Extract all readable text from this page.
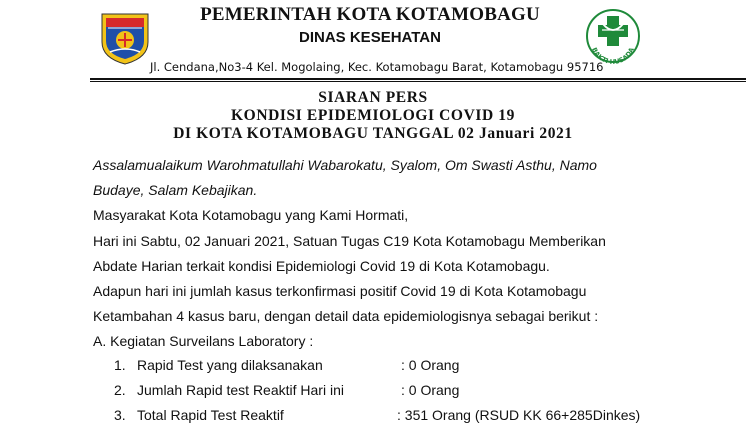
PEMERINTAH KOTA KOTAMOBAGU
DINAS KESEHATAN
Jl. Cendana,No3-4 Kel. Mogolaing, Kec. Kotamobagu Barat, Kotamobagu 95716
BAKTI HUSADA
SIARAN PERS
KONDISI EPIDEMIOLOGI COVID 19
DI KOTA KOTAMOBAGU TANGGAL 02 Januari 2021
Assalamualaikum Warohmatullahi Wabarokatu, Syalom, Om Swasti Asthu, Namo
Budaye, Salam Kebajikan.
Masyarakat Kota Kotamobagu yang Kami Hormati,
Hari ini Sabtu, 02 Januari 2021, Satuan Tugas C19 Kota Kotamobagu Memberikan
Abdate Harian terkait kondisi Epidemiologi Covid 19 di Kota Kotamobagu.
Adapun hari ini jumlah kasus terkonfirmasi positif Covid 19 di Kota Kotamobagu
Ketambahan 4 kasus baru, dengan detail data epidemiologisnya sebagai berikut :
A. Kegiatan Surveilans Laboratory :
1. Rapid Test yang dilaksanakan	: 0 Orang
2. Jumlah Rapid test Reaktif Hari ini	: 0 Orang
3. Total Rapid Test Reaktif	: 351 Orang (RSUD KK 66+285Dinkes)
